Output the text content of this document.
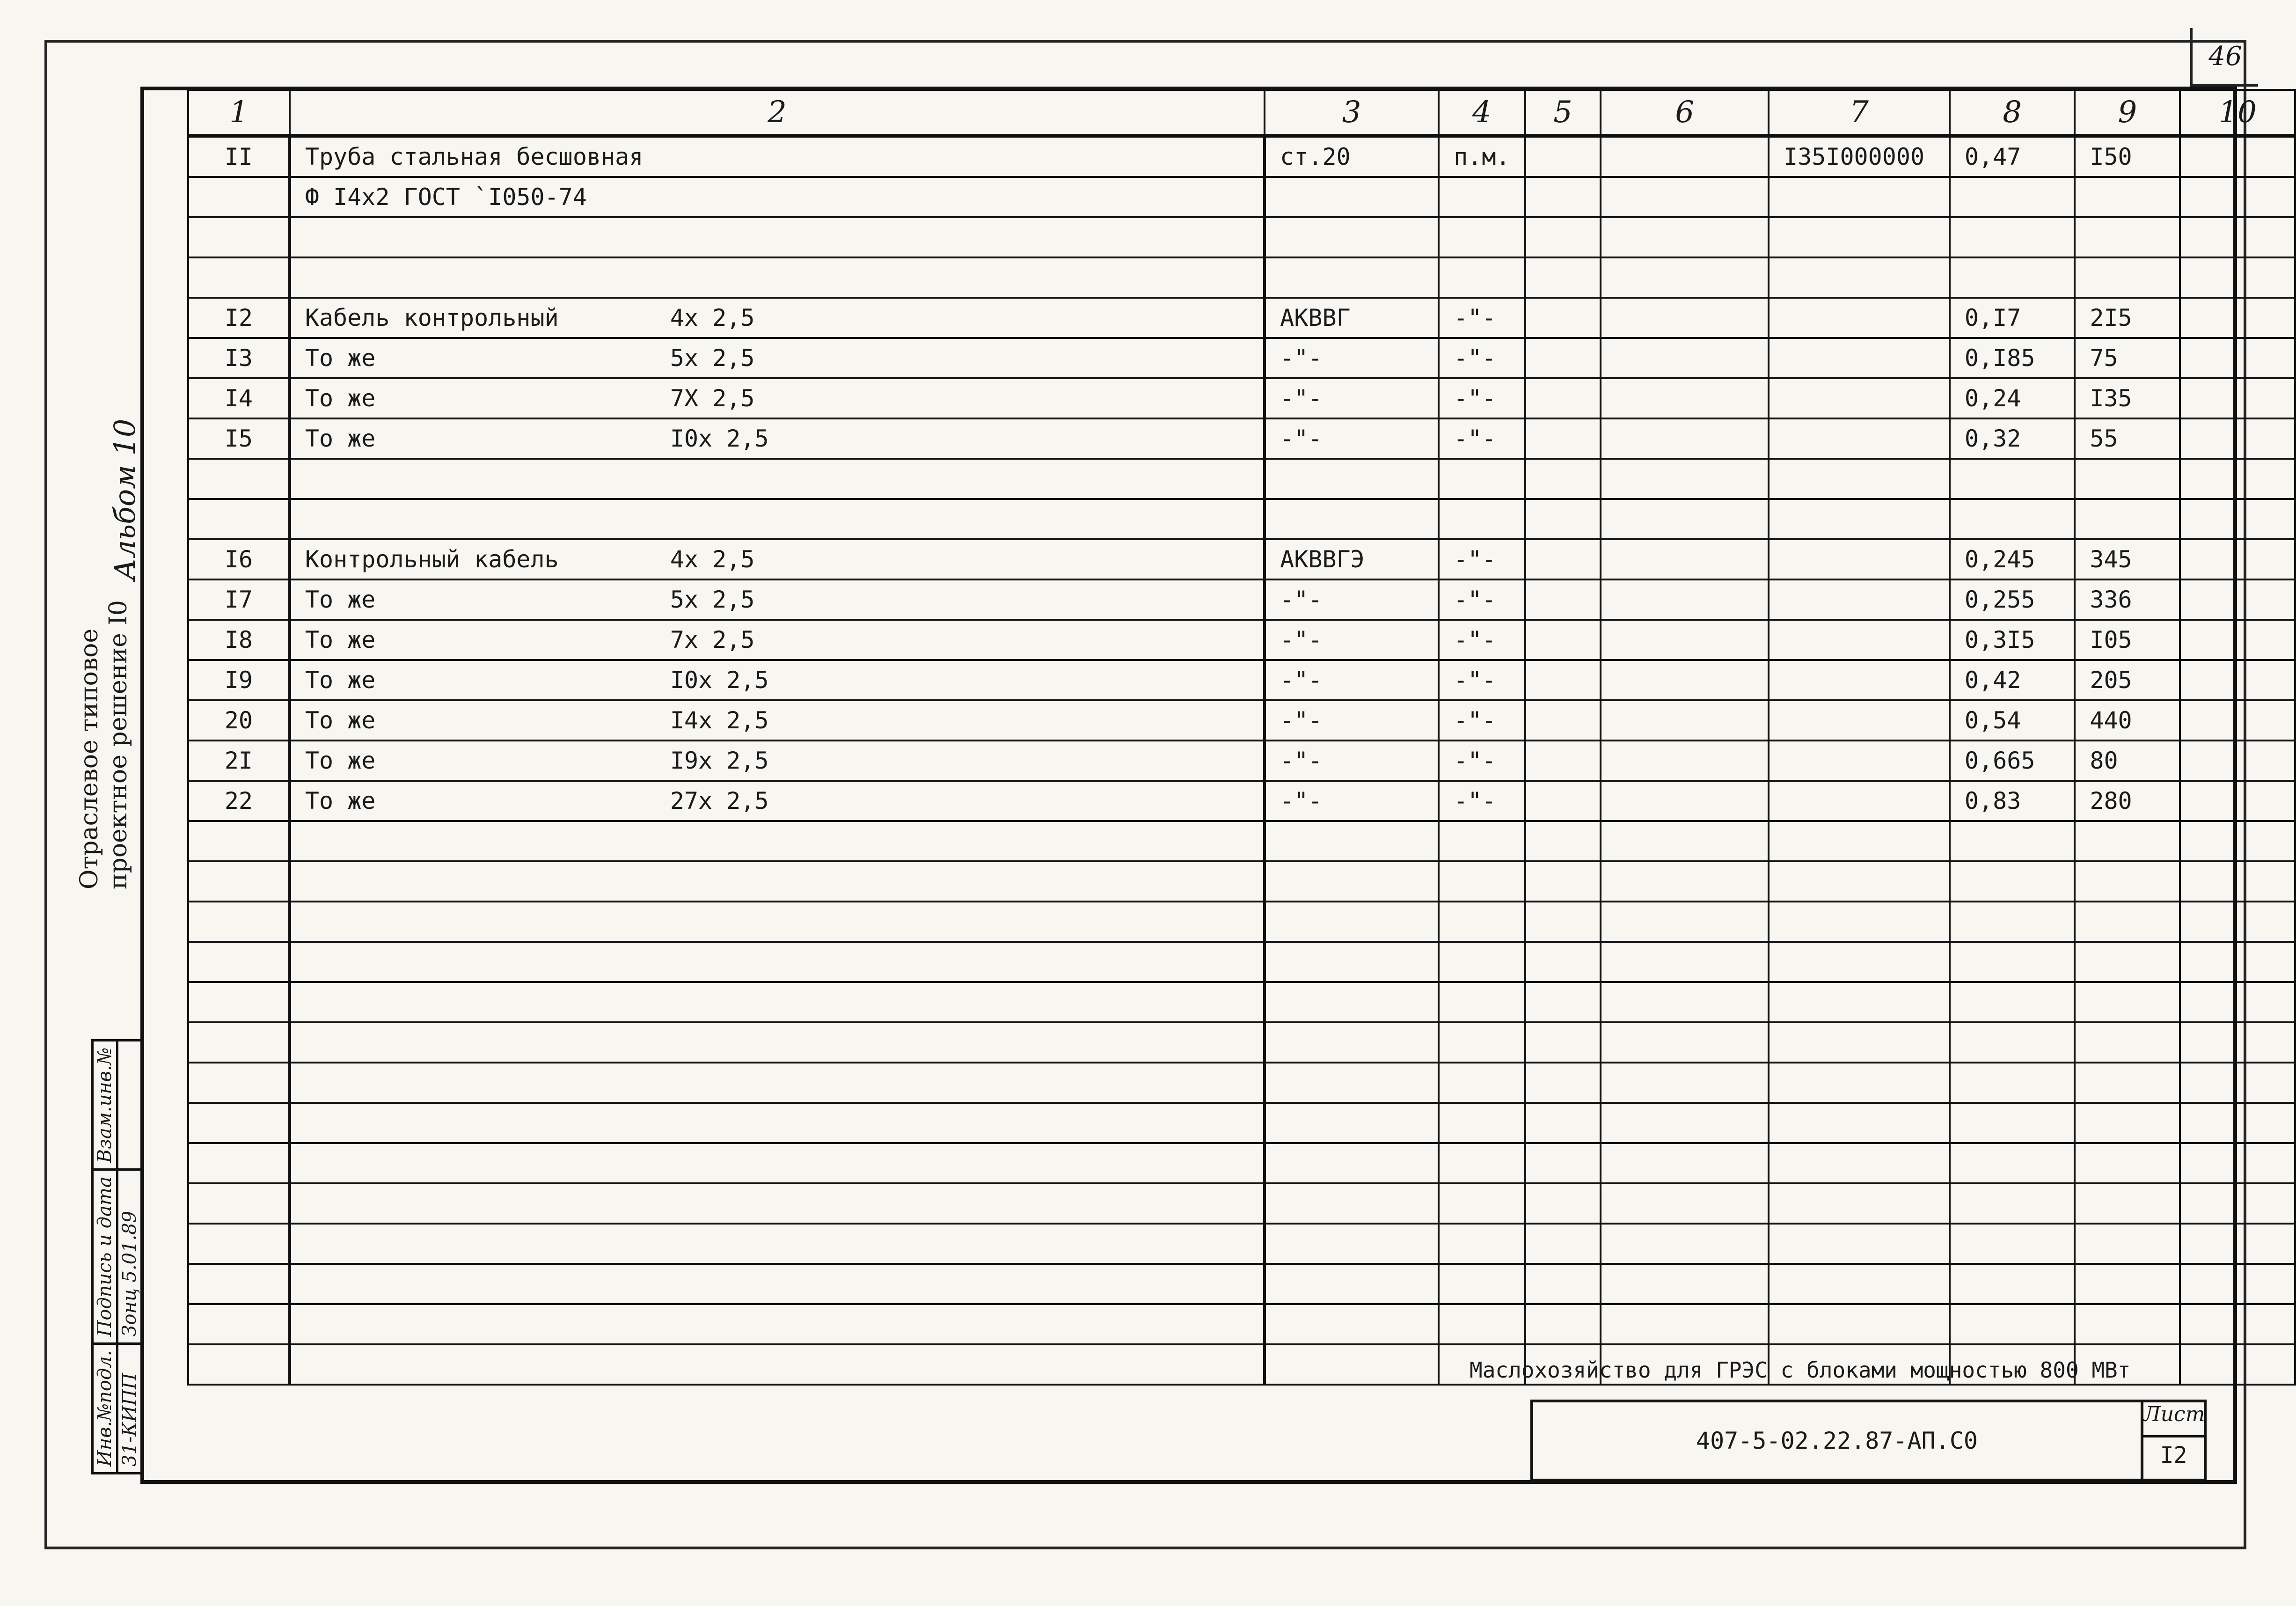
46
1	2	3	4	5	6	7	8	9	10
II	Труба стальная бесшовная	ст.20	п.м.			I35I000000	0,47	I50	

	Ф I4x2 ГОСТ `I050-74								

I2	Кабель контрольный 4x 2,5	АКВВГ	-"-				0,I7	2I5	
I3	То же 5x 2,5	-"-	-"-				0,I85	75	
I4	То же 7X 2,5	-"-	-"-				0,24	I35	
I5	То же I0x 2,5	-"-	-"-				0,32	55	

I6	Контрольный кабель 4x 2,5	АКВВГЭ	-"-				0,245	345	
I7	То же 5x 2,5	-"-	-"-				0,255	336	
I8	То же 7x 2,5	-"-	-"-				0,3I5	I05	
I9	То же I0x 2,5	-"-	-"-				0,42	205	
20	То же I4x 2,5	-"-	-"-				0,54	440	
2I	То же I9x 2,5	-"-	-"-				0,665	80	
22	То же 27x 2,5	-"-	-"-				0,83	280	

Альбом 10
Отраслевое типовое проектное решение I0
Инв.№подл.	Подпись и дата	Взам.инв.№
31-КИПП	Зонц 5.01.89	
Маслохозяйство для ГРЭС с блоками мощностью 800 МВт
407-5-02.22.87-АП.С0
Лист
I2
